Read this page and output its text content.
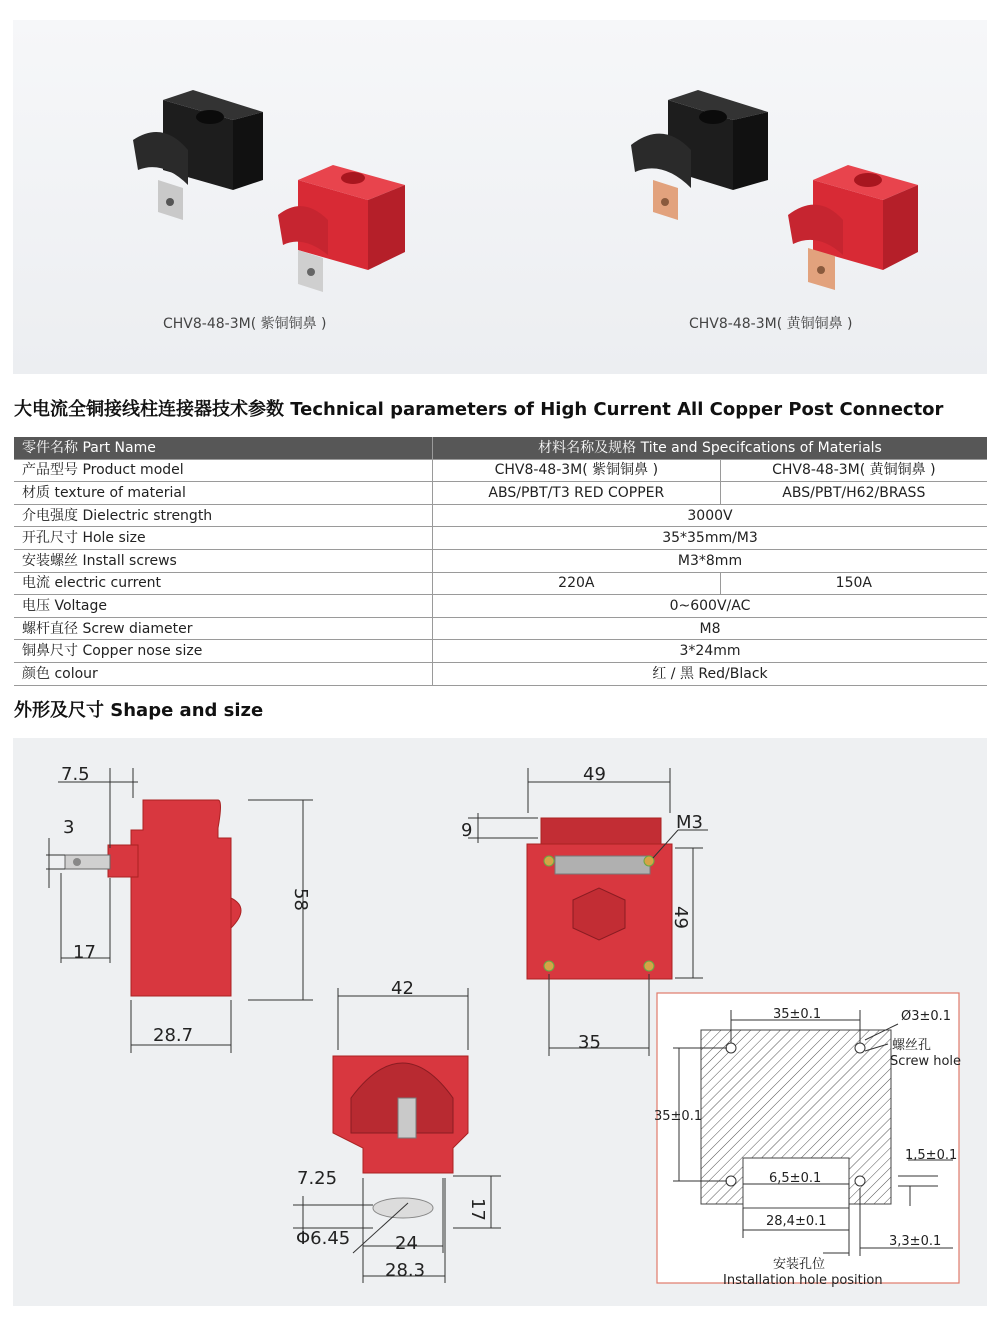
CHV8-48-3M( 紫铜铜鼻 )	CHV8-48-3M( 黄铜铜鼻 )
大电流全铜接线柱连接器技术参数 Technical parameters of High Current All Copper Post Connector
零件名称 Part Name	材料名称及规格 Tite and Specifcations of Materials	
产品型号 Product model	CHV8-48-3M( 紫铜铜鼻 )	CHV8-48-3M( 黄铜铜鼻 )
材质 texture of material	ABS/PBT/T3 RED COPPER	ABS/PBT/H62/BRASS
介电强度 Dielectric strength	3000V	
开孔尺寸 Hole size	35*35mm/M3	
安装螺丝 Install screws	M3*8mm	
电流 electric current	220A	150A
电压 Voltage	0~600V/AC	
螺杆直径 Screw diameter	M8	
铜鼻尺寸 Copper nose size	3*24mm	
颜色 colour	红 / 黑 Red/Black	
外形及尺寸 Shape and size
7.5
3
17
28.7
58
49
9	M3
49
35
42
7.25
Φ6.45 24
28.3
17
35±0.1	Ø3±0.1
螺丝孔
Screw hole
35±0.1
1,5±0.1
6,5±0.1
28,4±0.1
3,3±0.1
安装孔位
Installation hole position
